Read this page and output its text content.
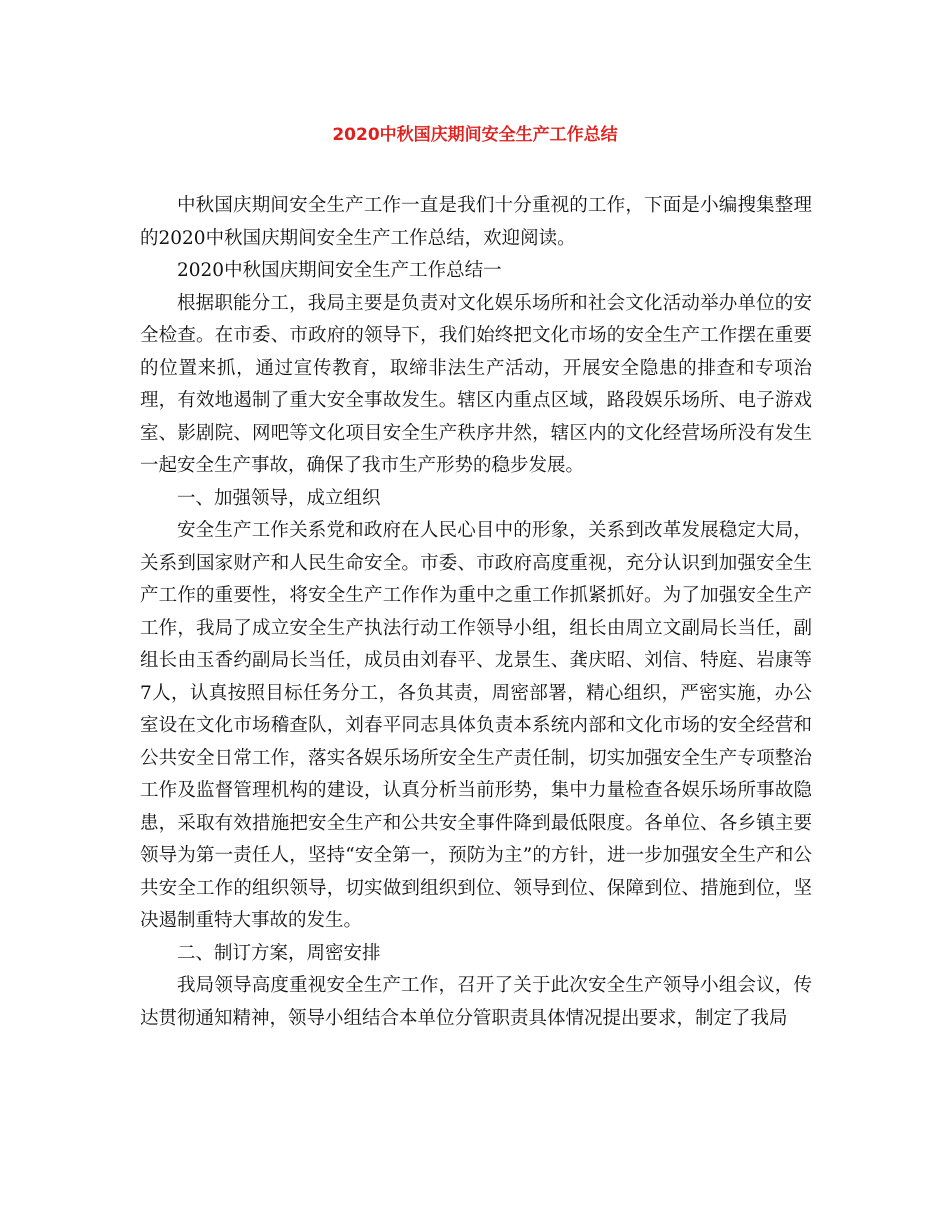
2020中秋国庆期间安全生产工作总结

中秋国庆期间安全生产工作一直是我们十分重视的工作，下面是小编搜集整理的2020中秋国庆期间安全生产工作总结，欢迎阅读。

2020中秋国庆期间安全生产工作总结一

根据职能分工，我局主要是负责对文化娱乐场所和社会文化活动举办单位的安全检查。在市委、市政府的领导下，我们始终把文化市场的安全生产工作摆在重要的位置来抓，通过宣传教育，取缔非法生产活动，开展安全隐患的排查和专项治理，有效地遏制了重大安全事故发生。辖区内重点区域，路段娱乐场所、电子游戏室、影剧院、网吧等文化项目安全生产秩序井然，辖区内的文化经营场所没有发生一起安全生产事故，确保了我市生产形势的稳步发展。

一、加强领导，成立组织

安全生产工作关系党和政府在人民心目中的形象，关系到改革发展稳定大局，关系到国家财产和人民生命安全。市委、市政府高度重视，充分认识到加强安全生产工作的重要性，将安全生产工作作为重中之重工作抓紧抓好。为了加强安全生产工作，我局了成立安全生产执法行动工作领导小组，组长由周立文副局长当任，副组长由玉香约副局长当任，成员由刘春平、龙景生、龚庆昭、刘信、特庭、岩康等7人，认真按照目标任务分工，各负其责，周密部署，精心组织，严密实施，办公室设在文化市场稽查队，刘春平同志具体负责本系统内部和文化市场的安全经营和公共安全日常工作，落实各娱乐场所安全生产责任制，切实加强安全生产专项整治工作及监督管理机构的建设，认真分析当前形势，集中力量检查各娱乐场所事故隐患，采取有效措施把安全生产和公共安全事件降到最低限度。各单位、各乡镇主要领导为第一责任人，坚持“安全第一，预防为主”的方针，进一步加强安全生产和公共安全工作的组织领导，切实做到组织到位、领导到位、保障到位、措施到位，坚决遏制重特大事故的发生。

二、制订方案，周密安排

我局领导高度重视安全生产工作，召开了关于此次安全生产领导小组会议，传达贯彻通知精神，领导小组结合本单位分管职责具体情况提出要求，制定了我局
